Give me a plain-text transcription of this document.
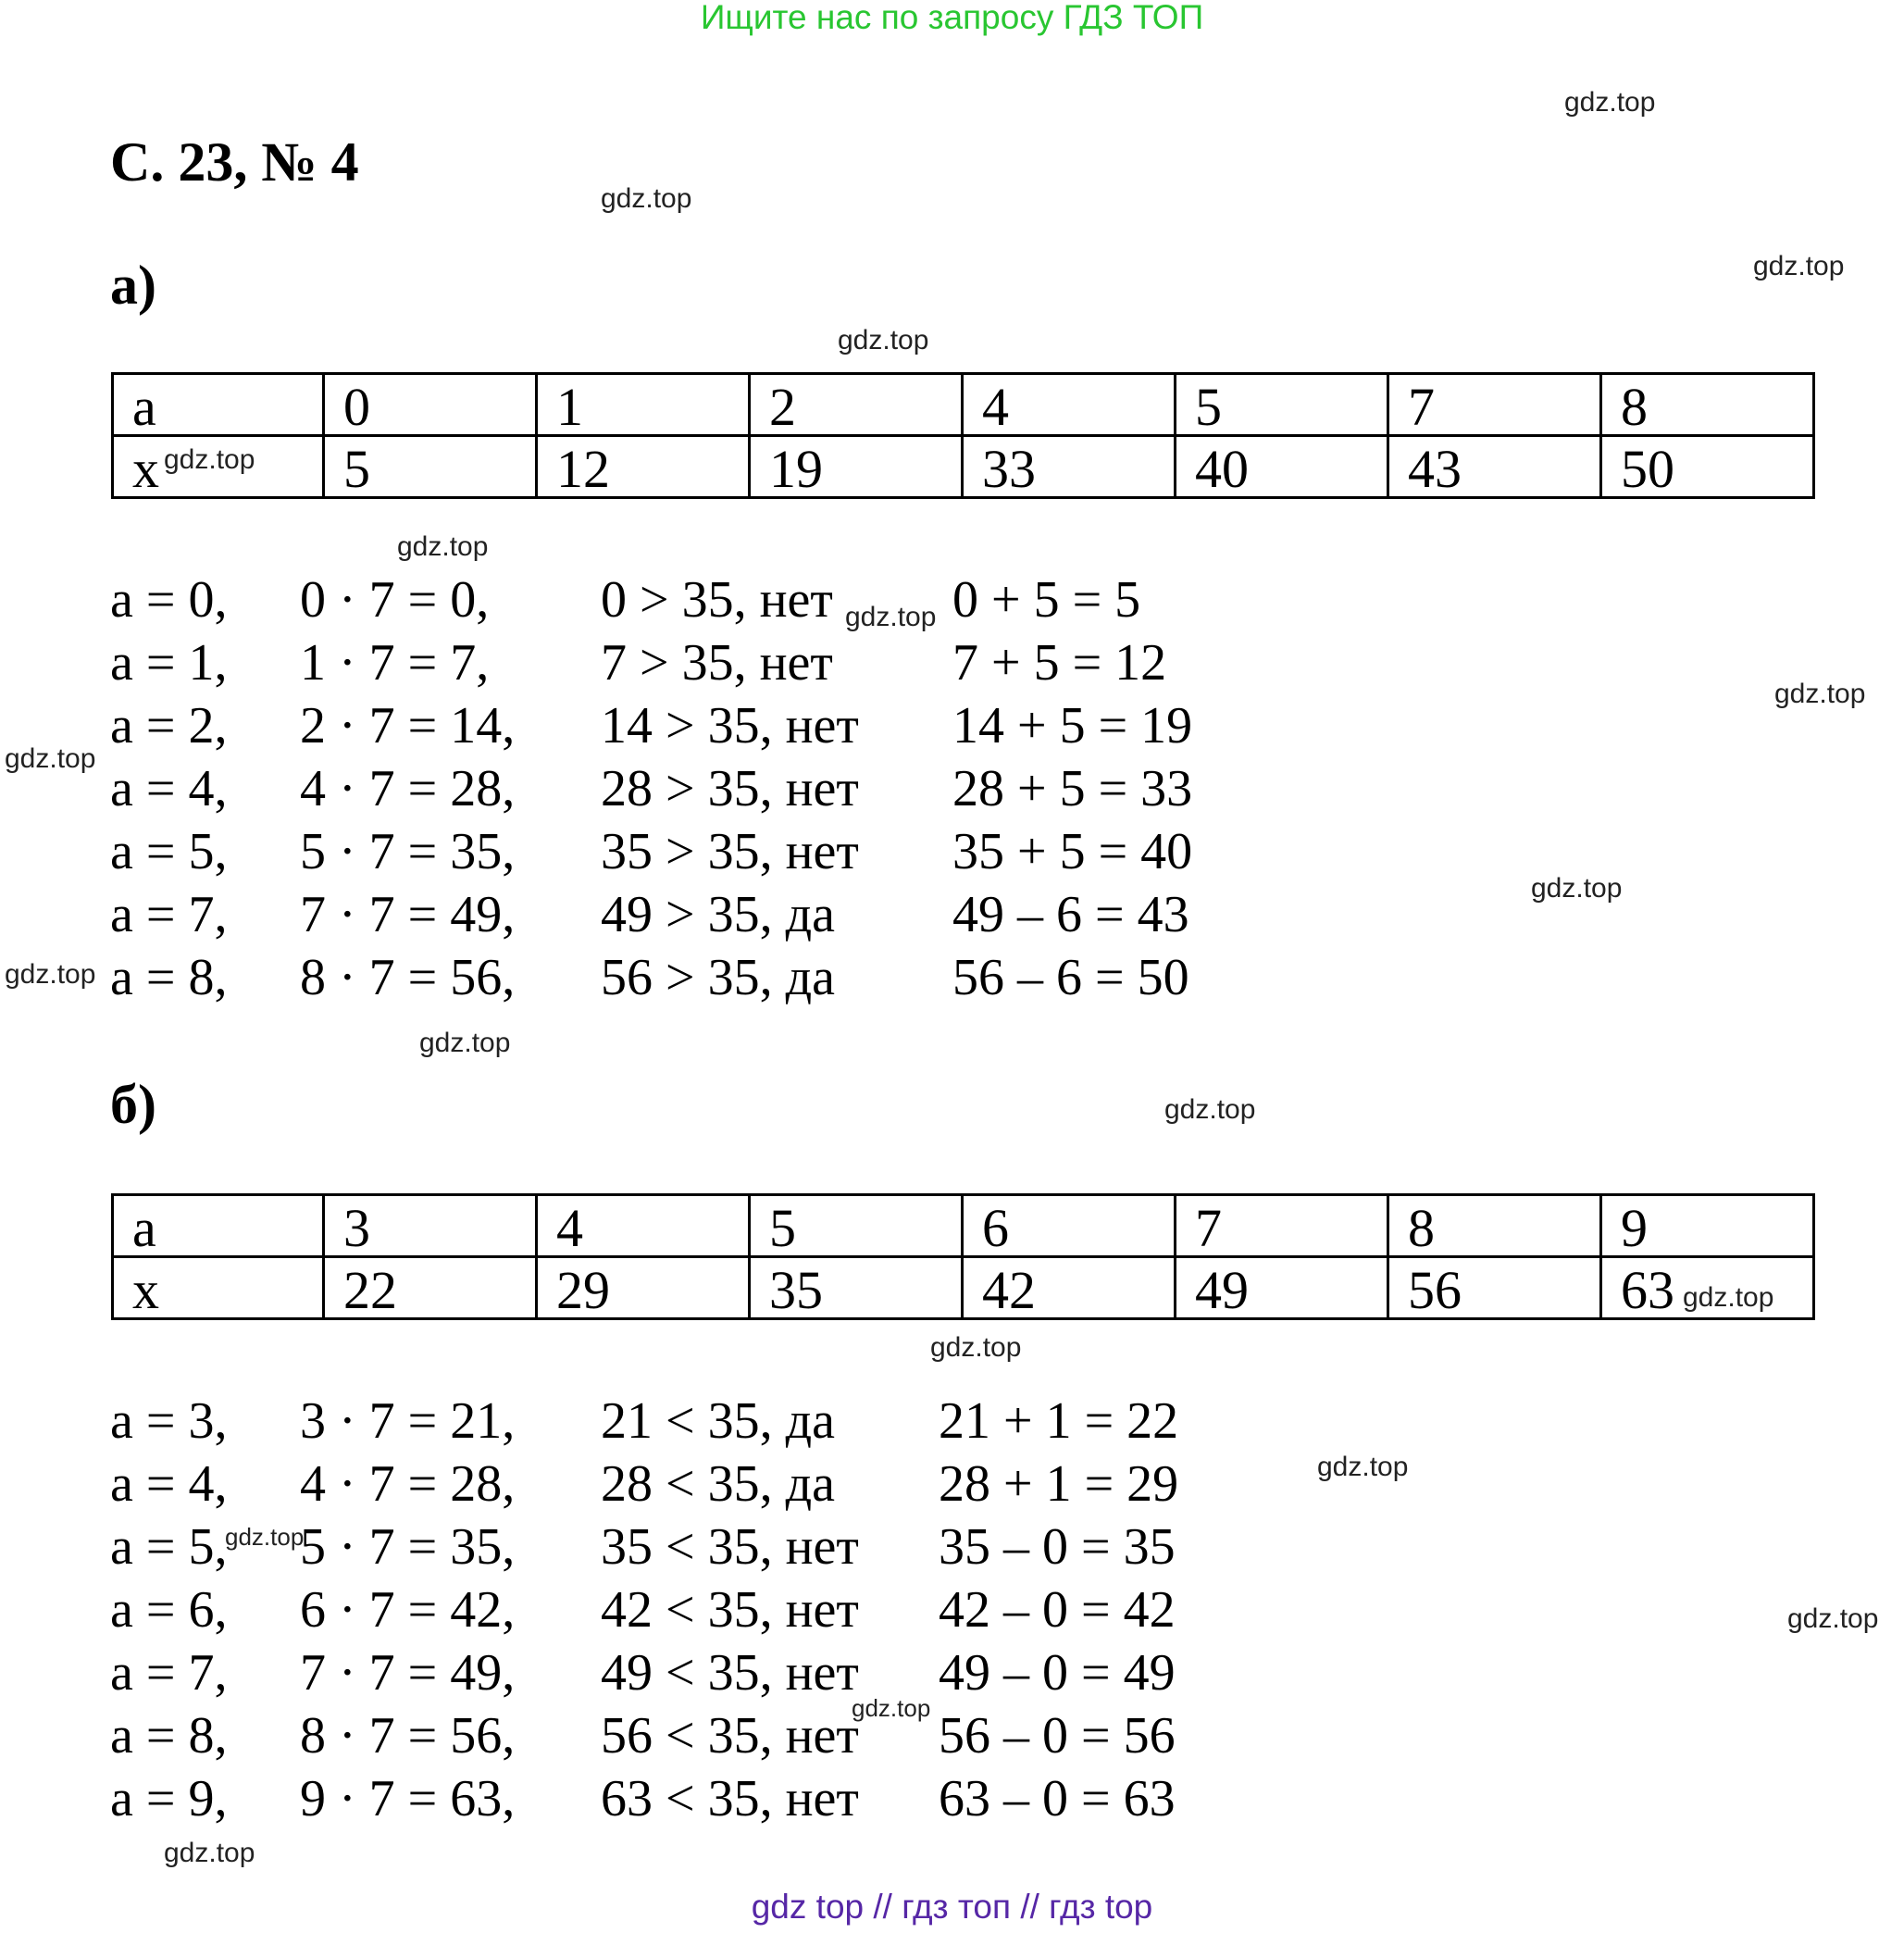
Ищите нас по запросу ГДЗ ТОП
С. 23, № 4
а)
a	0	1	2	4	5	7	8
x	5	12	19	33	40	43	50
a = 0, 0 · 7 = 0, 0 > 35, нет 0 + 5 = 5
a = 1, 1 · 7 = 7, 7 > 35, нет 7 + 5 = 12
a = 2, 2 · 7 = 14, 14 > 35, нет 14 + 5 = 19
a = 4, 4 · 7 = 28, 28 > 35, нет 28 + 5 = 33
a = 5, 5 · 7 = 35, 35 > 35, нет 35 + 5 = 40
a = 7, 7 · 7 = 49, 49 > 35, да 49 – 6 = 43
a = 8, 8 · 7 = 56, 56 > 35, да 56 – 6 = 50
б)
a	3	4	5	6	7	8	9
x	22	29	35	42	49	56	63
a = 3, 3 · 7 = 21, 21 < 35, да 21 + 1 = 22
a = 4, 4 · 7 = 28, 28 < 35, да 28 + 1 = 29
a = 5, 5 · 7 = 35, 35 < 35, нет 35 – 0 = 35
a = 6, 6 · 7 = 42, 42 < 35, нет 42 – 0 = 42
a = 7, 7 · 7 = 49, 49 < 35, нет 49 – 0 = 49
a = 8, 8 · 7 = 56, 56 < 35, нет 56 – 0 = 56
a = 9, 9 · 7 = 63, 63 < 35, нет 63 – 0 = 63
gdz.top
gdz.top
gdz.top
gdz.top
gdz.top
gdz.top
gdz.top
gdz.top
gdz.top
gdz.top
gdz.top
gdz.top
gdz.top
gdz.top
gdz.top
gdz.top
gdz.top
gdz.top
gdz.top
gdz.top
gdz top // гдз топ // гдз top
